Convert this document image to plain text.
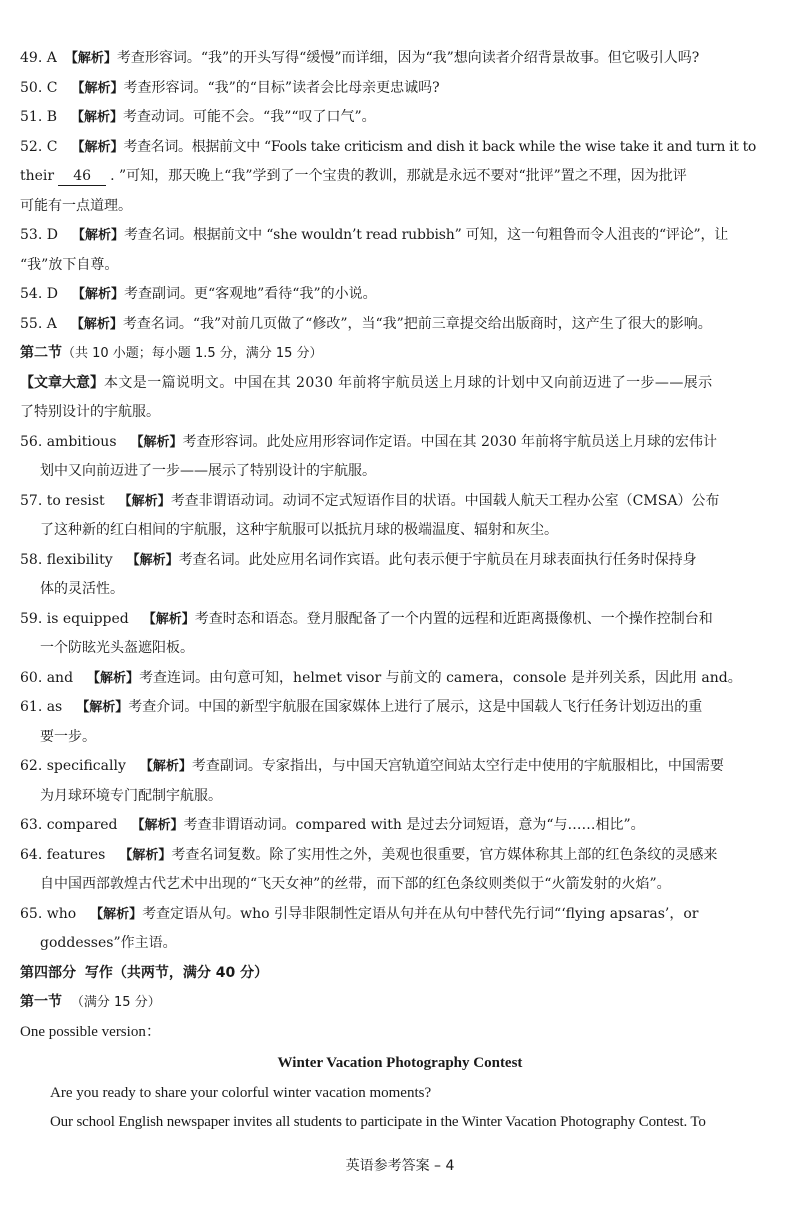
49. A 【解析】考查形容词。“我”的开头写得“缓慢”而详细，因为“我”想向读者介绍背景故事。但它吸引人吗?
50. C 【解析】考查形容词。“我”的“目标”读者会比母亲更忠诚吗?
51. B 【解析】考查动词。可能不会。“我”“叹了口气”。
52. C 【解析】考查名词。根据前文中 “Fools take criticism and dish it back while the wise take it and turn it to
their 46 . ”可知，那天晚上“我”学到了一个宝贵的教训，那就是永远不要对“批评”置之不理，因为批评
可能有一点道理。
53. D 【解析】考查名词。根据前文中 “she wouldn’t read rubbish” 可知，这一句粗鲁而令人沮丧的“评论”，让
“我”放下自尊。
54. D 【解析】考查副词。更“客观地”看待“我”的小说。
55. A 【解析】考查名词。“我”对前几页做了“修改”，当“我”把前三章提交给出版商时，这产生了很大的影响。
第二节（共 10 小题；每小题 1.5 分，满分 15 分）
【文章大意】本文是一篇说明文。中国在其 2030 年前将宇航员送上月球的计划中又向前迈进了一步——展示
了特别设计的宇航服。
56. ambitious 【解析】考查形容词。此处应用形容词作定语。中国在其 2030 年前将宇航员送上月球的宏伟计
划中又向前迈进了一步——展示了特别设计的宇航服。
57. to resist 【解析】考查非谓语动词。动词不定式短语作目的状语。中国载人航天工程办公室（CMSA）公布
了这种新的红白相间的宇航服，这种宇航服可以抵抗月球的极端温度、辐射和灰尘。
58. flexibility 【解析】考查名词。此处应用名词作宾语。此句表示便于宇航员在月球表面执行任务时保持身
体的灵活性。
59. is equipped 【解析】考查时态和语态。登月服配备了一个内置的远程和近距离摄像机、一个操作控制台和
一个防眩光头盔遮阳板。
60. and 【解析】考查连词。由句意可知，helmet visor 与前文的 camera，console 是并列关系，因此用 and。
61. as 【解析】考查介词。中国的新型宇航服在国家媒体上进行了展示，这是中国载人飞行任务计划迈出的重
要一步。
62. specifically 【解析】考查副词。专家指出，与中国天宫轨道空间站太空行走中使用的宇航服相比，中国需要
为月球环境专门配制宇航服。
63. compared 【解析】考查非谓语动词。compared with 是过去分词短语，意为“与……相比”。
64. features 【解析】考查名词复数。除了实用性之外，美观也很重要，官方媒体称其上部的红色条纹的灵感来
自中国西部敦煌古代艺术中出现的“飞天女神”的丝带，而下部的红色条纹则类似于“火箭发射的火焰”。
65. who 【解析】考查定语从句。who 引导非限制性定语从句并在从句中替代先行词“‘flying apsaras’，or
goddesses”作主语。
第四部分 写作（共两节，满分 40 分）
第一节 （满分 15 分）
One possible version：
Winter Vacation Photography Contest

Are you ready to share your colorful winter vacation moments?

Our school English newspaper invites all students to participate in the Winter Vacation Photography Contest. To

英语参考答案 – 4
